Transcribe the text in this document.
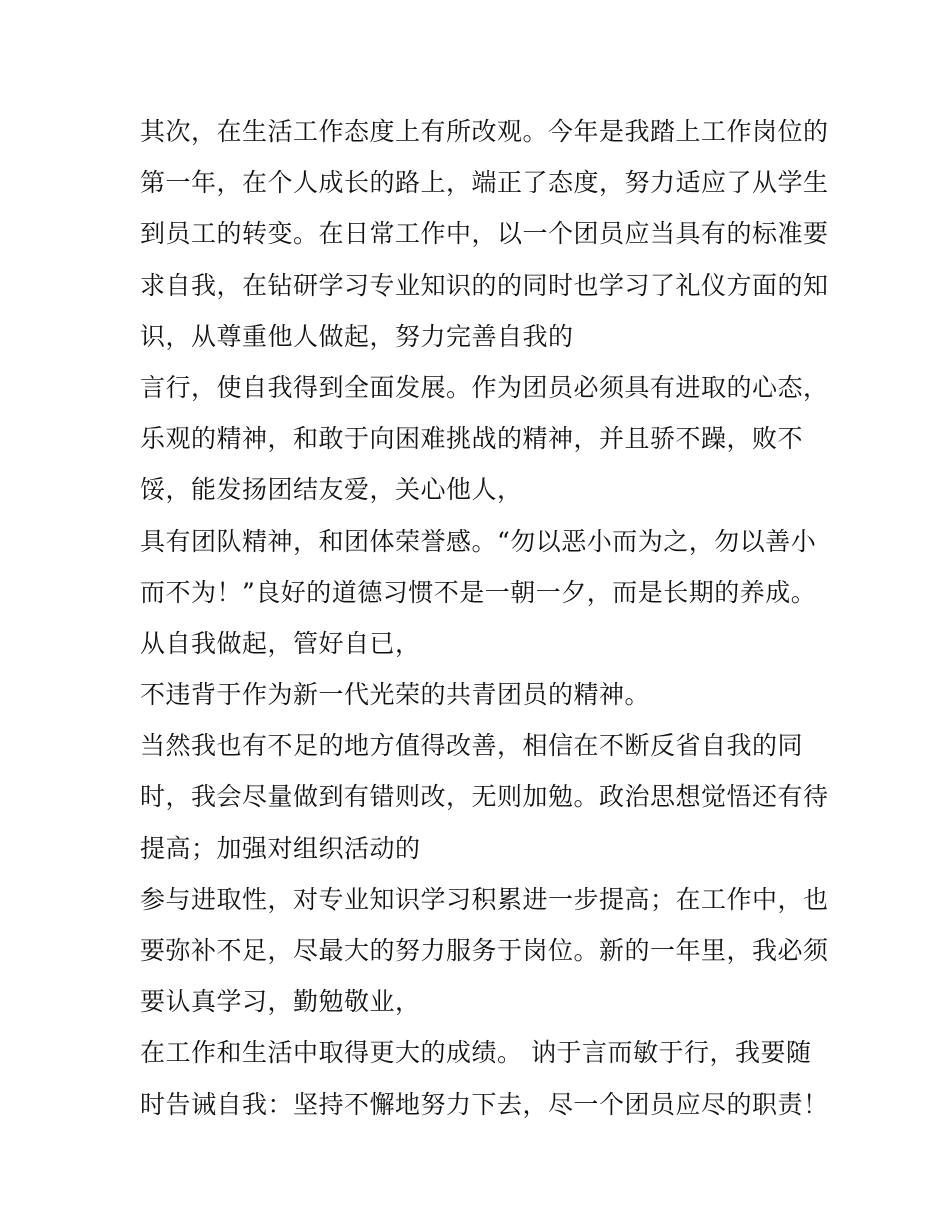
其次，在生活工作态度上有所改观。今年是我踏上工作岗位的
第一年，在个人成长的路上，端正了态度，努力适应了从学生
到员工的转变。在日常工作中，以一个团员应当具有的标准要
求自我，在钻研学习专业知识的的同时也学习了礼仪方面的知
识，从尊重他人做起，努力完善自我的
言行，使自我得到全面发展。作为团员必须具有进取的心态，
乐观的精神，和敢于向困难挑战的精神，并且骄不躁，败不
馁，能发扬团结友爱，关心他人，
具有团队精神，和团体荣誉感。“勿以恶小而为之，勿以善小
而不为！”良好的道德习惯不是一朝一夕，而是长期的养成。
从自我做起，管好自已，
不违背于作为新一代光荣的共青团员的精神。
当然我也有不足的地方值得改善，相信在不断反省自我的同
时，我会尽量做到有错则改，无则加勉。政治思想觉悟还有待
提高；加强对组织活动的
参与进取性，对专业知识学习积累进一步提高；在工作中，也
要弥补不足，尽最大的努力服务于岗位。新的一年里，我必须
要认真学习，勤勉敬业，
在工作和生活中取得更大的成绩。 讷于言而敏于行，我要随
时告诫自我：坚持不懈地努力下去，尽一个团员应尽的职责！
